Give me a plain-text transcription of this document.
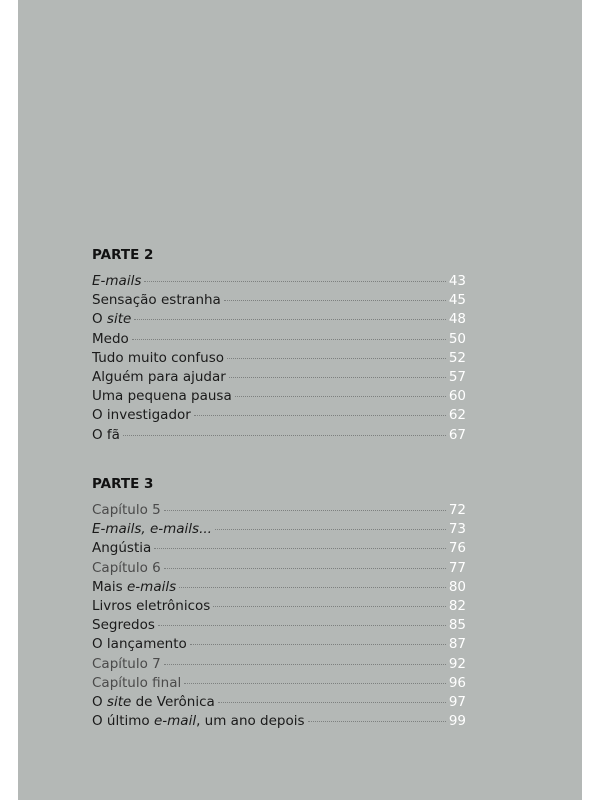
PARTE 2
E-mails	43
Sensação estranha	45
O site	48
Medo	50
Tudo muito confuso	52
Alguém para ajudar	57
Uma pequena pausa	60
O investigador	62
O fã	67
PARTE 3
Capítulo 5	72
E-mails, e-mails...	73
Angústia	76
Capítulo 6	77
Mais e-mails	80
Livros eletrônicos	82
Segredos	85
O lançamento	87
Capítulo 7	92
Capítulo final	96
O site de Verônica	97
O último e-mail, um ano depois	99
